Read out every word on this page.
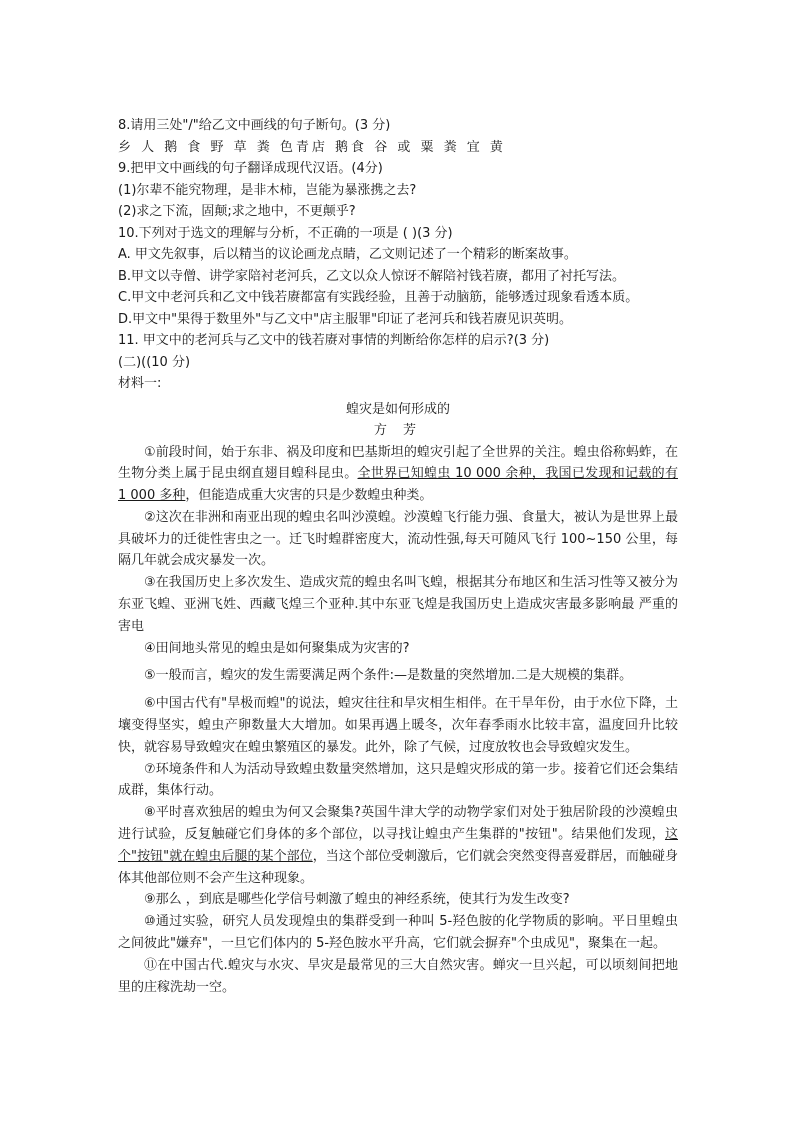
8.请用三处"/"给乙文中画线的句子断句。(3 分)
乡 人 鹅 食 野 草 粪 色青店 鹅食 谷 或 粟 粪 宜 黄
9.把甲文中画线的句子翻译成现代汉语。(4分)
(1)尔辈不能究物理，是非木柿，岂能为暴涨携之去?
(2)求之下流，固颠;求之地中，不更颠乎?
10.下列对于选文的理解与分析，不正确的一项是 ( )(3 分)
A. 甲文先叙事，后以精当的议论画龙点睛，乙文则记述了一个精彩的断案故事。
B.甲文以寺僧、讲学家陪衬老河兵，乙文以众人惊讶不解陪衬钱若赓，都用了衬托写法。
C.甲文中老河兵和乙文中钱若赓都富有实践经验，且善于动脑筋，能够透过现象看透本质。
D.甲文中"果得于数里外"与乙文中"店主服罪"印证了老河兵和钱若赓见识英明。
11. 甲文中的老河兵与乙文中的钱若赓对事情的判断给你怎样的启示?(3 分)
(二)((10 分)
材料一:
蝗灾是如何形成的
方 芳

①前段时间，始于东非、祸及印度和巴基斯坦的蝗灾引起了全世界的关注。蝗虫俗称蚂蚱，在生物分类上属于昆虫纲直翅目蝗科昆虫。全世界已知蝗虫 10 000 余种，我国已发现和记载的有 1 000 多种，但能造成重大灾害的只是少数蝗虫种类。

②这次在非洲和南亚出现的蝗虫名叫沙漠蝗。沙漠蝗飞行能力强、食量大，被认为是世界上最具破坏力的迁徙性害虫之一。迁飞时蝗群密度大，流动性强,每天可随风飞行 100~150 公里，每隔几年就会成灾暴发一次。

③在我国历史上多次发生、造成灾荒的蝗虫名叫飞蝗，根据其分布地区和生活习性等又被分为东亚飞蝗、亚洲飞姓、西藏飞煌三个亚种.其中东亚飞煌是我国历史上造成灾害最多影响最 严重的害电

④田间地头常见的蝗虫是如何聚集成为灾害的?

⑤一般而言，蝗灾的发生需要满足两个条件:—是数量的突然增加.二是大规模的集群。

⑥中国古代有"旱极而蝗"的说法，蝗灾往往和旱灾相生相伴。在干旱年份，由于水位下降，土壤变得坚实，蝗虫产卵数量大大增加。如果再遇上暖冬，次年春季雨水比较丰富，温度回升比较快，就容易导致蝗灾在蝗虫繁殖区的暴发。此外，除了气候，过度放牧也会导致蝗灾发生。

⑦环境条件和人为活动导致蝗虫数量突然增加，这只是蝗灾形成的第一步。接着它们还会集结成群，集体行动。

⑧平时喜欢独居的蝗虫为何又会聚集?英国牛津大学的动物学家们对处于独居阶段的沙漠蝗虫进行试验，反复触碰它们身体的多个部位，以寻找让蝗虫产生集群的"按钮"。结果他们发现，这个"按钮"就在蝗虫后腿的某个部位，当这个部位受刺激后，它们就会突然变得喜爱群居，而触碰身体其他部位则不会产生这种现象。

⑨那么 ，到底是哪些化学信号刺激了蝗虫的神经系统，使其行为发生改变?

⑩通过实验，研究人员发现煌虫的集群受到一种叫 5-羟色胺的化学物质的影响。平日里蝗虫之间彼此"嫌弃"，一旦它们体内的 5-羟色胺水平升高，它们就会摒弃"个虫成见"，聚集在一起。

⑪在中国古代.蝗灾与水灾、旱灾是最常见的三大自然灾害。蝉灾一旦兴起，可以顷刻间把地里的庄稼洗劫一空。
